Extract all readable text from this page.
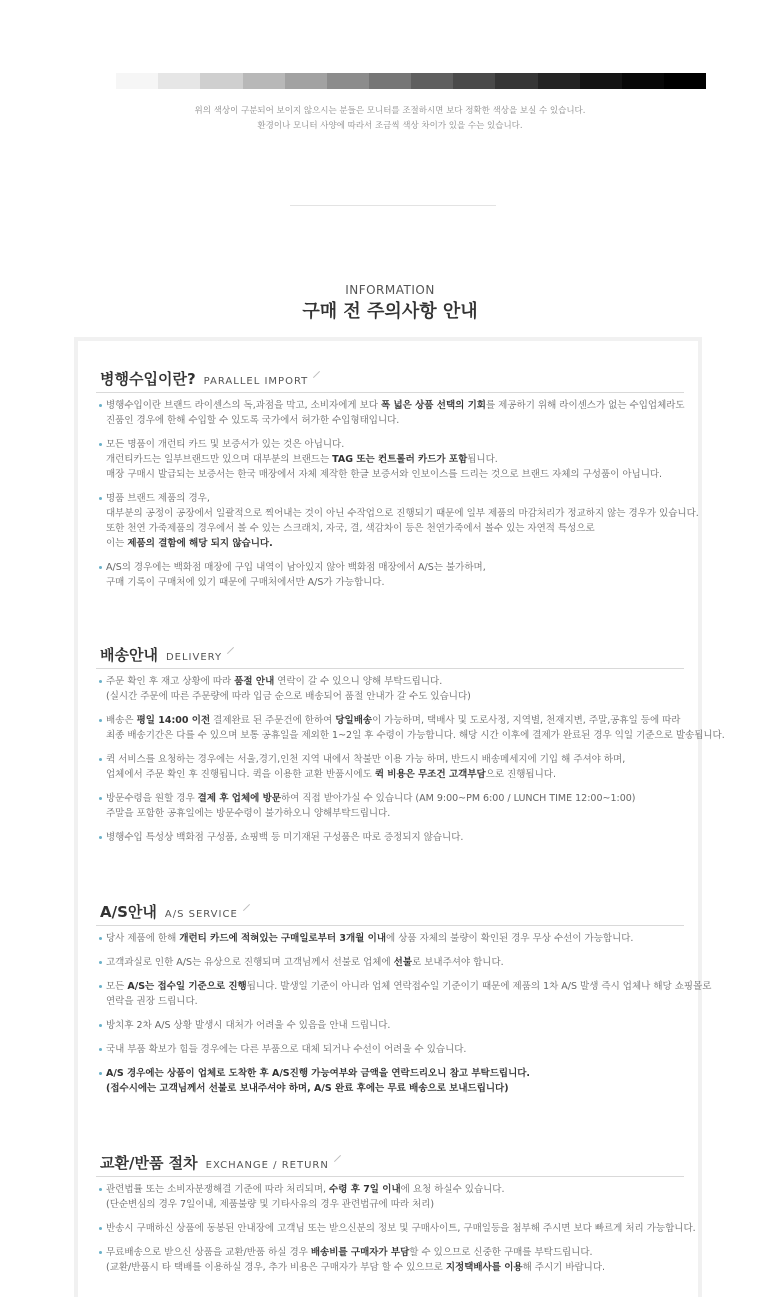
위의 색상이 구분되어 보이지 않으시는 분들은 모니터를 조절하시면 보다 정확한 색상을 보실 수 있습니다.
환경이나 모니터 사양에 따라서 조금씩 색상 차이가 있을 수는 있습니다.
INFORMATION
구매 전 주의사항 안내
병행수입이란? PARALLEL IMPORT
병행수입이란 브랜드 라이센스의 독,과점을 막고, 소비자에게 보다 폭 넓은 상품 선택의 기회를 제공하기 위해 라이센스가 없는 수입업체라도
진품인 경우에 한해 수입할 수 있도록 국가에서 허가한 수입형태입니다.
모든 명품이 개런티 카드 및 보증서가 있는 것은 아닙니다.
개런티카드는 일부브랜드만 있으며 대부분의 브랜드는 TAG 또는 컨트롤러 카드가 포함됩니다.
매장 구매시 발급되는 보증서는 한국 매장에서 자체 제작한 한글 보증서와 인보이스를 드리는 것으로 브랜드 자체의 구성품이 아닙니다.
명품 브랜드 제품의 경우,
대부분의 공정이 공장에서 일괄적으로 찍어내는 것이 아닌 수작업으로 진행되기 때문에 일부 제품의 마감처리가 정교하지 않는 경우가 있습니다.
또한 천연 가죽제품의 경우에서 볼 수 있는 스크래치, 자국, 결, 색감차이 등은 천연가죽에서 볼수 있는 자연적 특성으로
이는 제품의 결함에 해당 되지 않습니다.
A/S의 경우에는 백화점 매장에 구입 내역이 남아있지 않아 백화점 매장에서 A/S는 불가하며,
구매 기록이 구매처에 있기 때문에 구매처에서만 A/S가 가능합니다.
배송안내 DELIVERY
주문 확인 후 재고 상황에 따라 품절 안내 연락이 갈 수 있으니 양해 부탁드립니다.
(실시간 주문에 따른 주문량에 따라 입금 순으로 배송되어 품절 안내가 갈 수도 있습니다)
배송은 평일 14:00 이전 결제완료 된 주문건에 한하여 당일배송이 가능하며, 택배사 및 도로사정, 지역별, 천재지변, 주말,공휴일 등에 따라
최종 배송기간은 다를 수 있으며 보통 공휴일을 제외한 1~2일 후 수령이 가능합니다. 해당 시간 이후에 결제가 완료된 경우 익일 기준으로 발송됩니다.
퀵 서비스를 요청하는 경우에는 서울,경기,인천 지역 내에서 착불만 이용 가능 하며, 반드시 배송메세지에 기입 해 주셔야 하며,
업체에서 주문 확인 후 진행됩니다. 퀵을 이용한 교환 반품시에도 퀵 비용은 무조건 고객부담으로 진행됩니다.
방문수령을 원할 경우 결제 후 업체에 방문하여 직접 받아가실 수 있습니다 (AM 9:00~PM 6:00 / LUNCH TIME 12:00~1:00)
주말을 포함한 공휴일에는 방문수령이 불가하오니 양해부탁드립니다.
병행수입 특성상 백화점 구성품, 쇼핑백 등 미기재된 구성품은 따로 증정되지 않습니다.
A/S안내 A/S SERVICE
당사 제품에 한해 개런티 카드에 적혀있는 구매일로부터 3개월 이내에 상품 자체의 불량이 확인된 경우 무상 수선이 가능합니다.
고객과실로 인한 A/S는 유상으로 진행되며 고객님께서 선불로 업체에 선불로 보내주셔야 합니다.
모든 A/S는 접수일 기준으로 진행됩니다. 발생일 기준이 아니라 업체 연락접수일 기준이기 때문에 제품의 1차 A/S 발생 즉시 업체나 해당 쇼핑몰로
연락을 권장 드립니다.
방치후 2차 A/S 상황 발생시 대처가 어려울 수 있음을 안내 드립니다.
국내 부품 확보가 힘들 경우에는 다른 부품으로 대체 되거나 수선이 어려울 수 있습니다.
A/S 경우에는 상품이 업체로 도착한 후 A/S진행 가능여부와 금액을 연락드리오니 참고 부탁드립니다.
(접수시에는 고객님께서 선불로 보내주셔야 하며, A/S 완료 후에는 무료 배송으로 보내드립니다)
교환/반품 절차 EXCHANGE / RETURN
관련법률 또는 소비자분쟁해결 기준에 따라 처리되며, 수령 후 7일 이내에 요청 하실수 있습니다.
(단순변심의 경우 7일이내, 제품불량 및 기타사유의 경우 관련법규에 따라 처리)
반송시 구매하신 상품에 동봉된 안내장에 고객님 또는 받으신분의 정보 및 구매사이트, 구매일등을 첨부해 주시면 보다 빠르게 처리 가능합니다.
무료배송으로 받으신 상품을 교환/반품 하실 경우 배송비를 구매자가 부담할 수 있으므로 신중한 구매를 부탁드립니다.
(교환/반품시 타 택배를 이용하실 경우, 추가 비용은 구매자가 부담 할 수 있으므로 지정택배사를 이용해 주시기 바랍니다.
